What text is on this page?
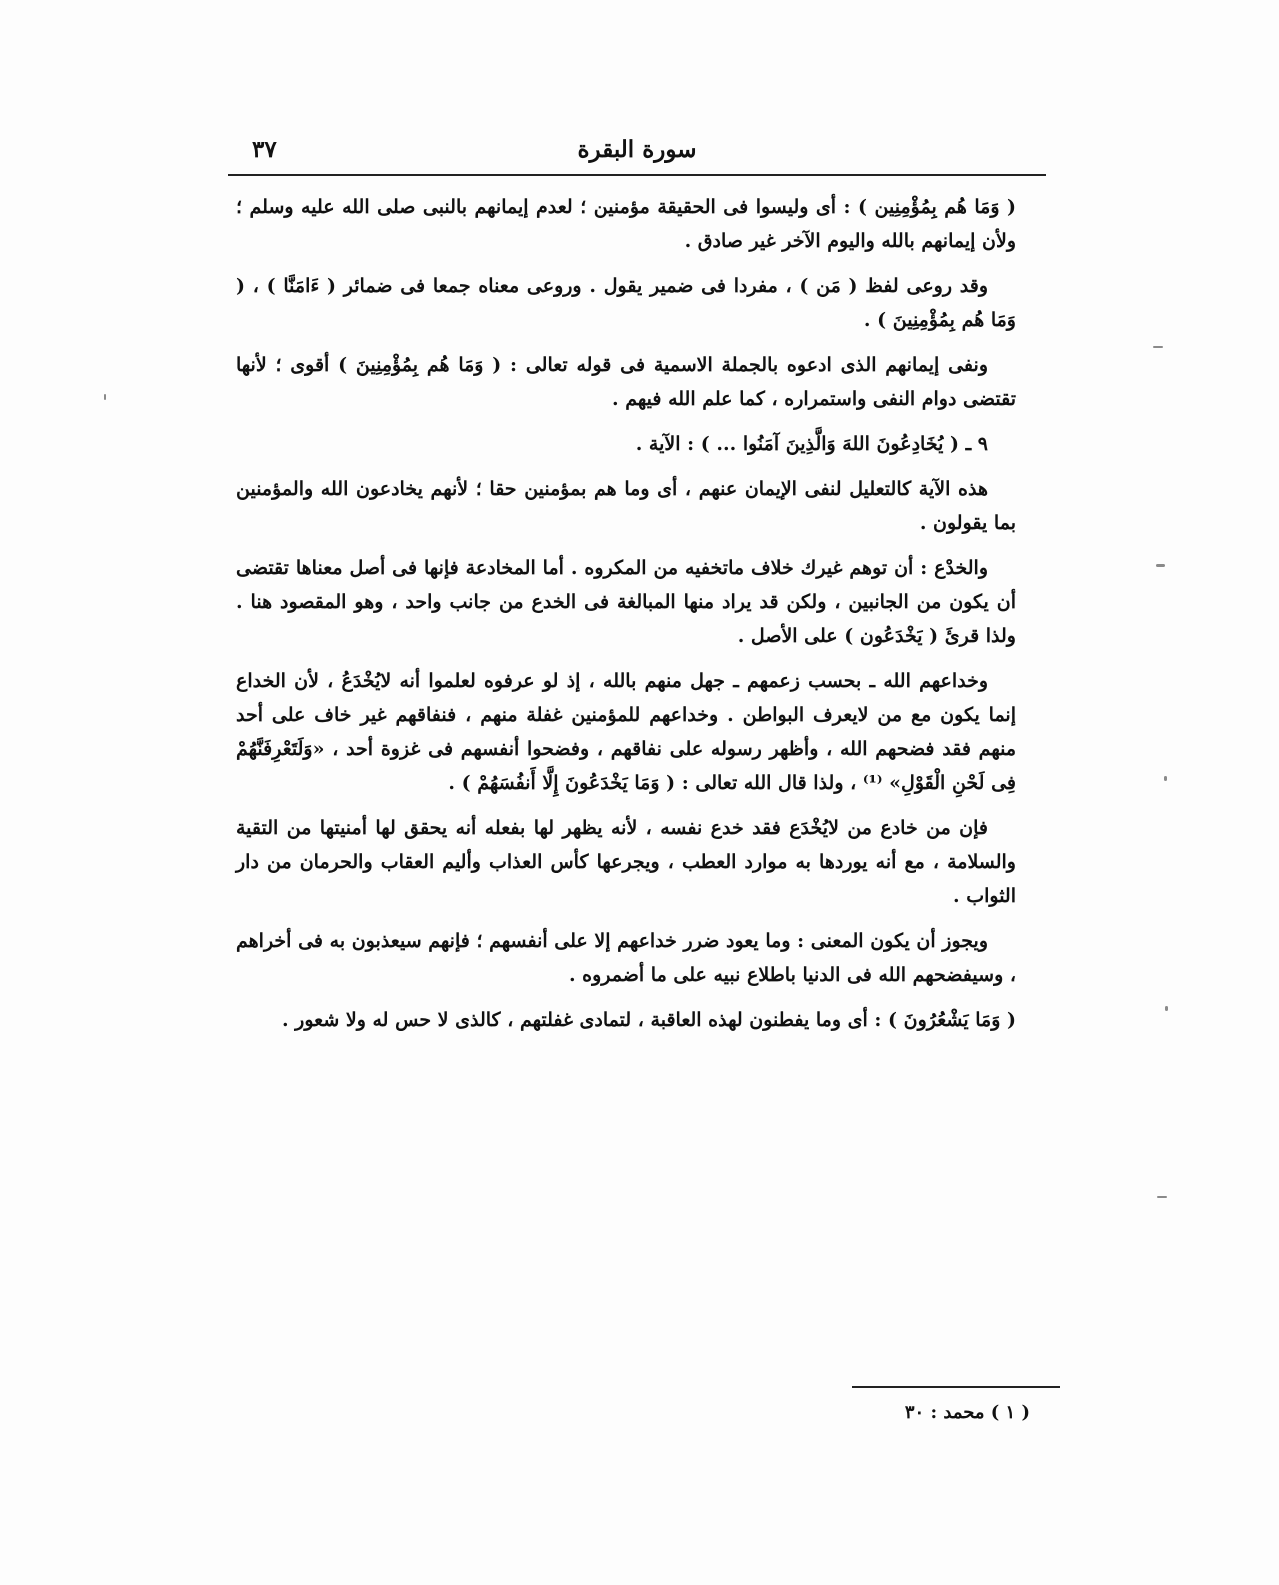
سورة البقرة
٣٧

( وَمَا هُم بِمُؤْمِنِين ) : أى وليسوا فى الحقيقة مؤمنين ؛ لعدم إيمانهم بالنبى صلى الله عليه وسلم ؛ ولأن إيمانهم بالله واليوم الآخر غير صادق .

وقد روعى لفظ ( مَن ) ، مفردا فى ضمير يقول . وروعى معناه جمعا فى ضمائر ( ءَامَنَّا ) ، ( وَمَا هُم بِمُؤْمِنِينَ ) .

ونفى إيمانهم الذى ادعوه بالجملة الاسمية فى قوله تعالى : ( وَمَا هُم بِمُؤْمِنِينَ ) أقوى ؛ لأنها تقتضى دوام النفى واستمراره ، كما علم الله فيهم .

٩ ـ ( يُخَادِعُونَ اللهَ وَالَّذِينَ آمَنُوا ... ) : الآية .

هذه الآية كالتعليل لنفى الإيمان عنهم ، أى وما هم بمؤمنين حقا ؛ لأنهم يخادعون الله والمؤمنين بما يقولون .

والخدْع : أن توهم غيرك خلاف ماتخفيه من المكروه . أما المخادعة فإنها فى أصل معناها تقتضى أن يكون من الجانبين ، ولكن قد يراد منها المبالغة فى الخدع من جانب واحد ، وهو المقصود هنا . ولذا قرئَ ( يَخْدَعُون ) على الأصل .

وخداعهم الله ـ بحسب زعمهم ـ جهل منهم بالله ، إذ لو عرفوه لعلموا أنه لايُخْدَعُ ، لأن الخداع إنما يكون مع من لايعرف البواطن . وخداعهم للمؤمنين غفلة منهم ، فنفاقهم غير خاف على أحد منهم فقد فضحهم الله ، وأظهر رسوله على نفاقهم ، وفضحوا أنفسهم فى غزوة أحد ، «وَلَتَعْرِفَنَّهُمْ فِى لَحْنِ الْقَوْلِ» ⁽¹⁾ ، ولذا قال الله تعالى : ( وَمَا يَخْدَعُونَ إِلَّا أَنفُسَهُمْ ) .

فإن من خادع من لايُخْدَع فقد خدع نفسه ، لأنه يظهر لها بفعله أنه يحقق لها أمنيتها من التقية والسلامة ، مع أنه يوردها به موارد العطب ، ويجرعها كأس العذاب وأليم العقاب والحرمان من دار الثواب .

ويجوز أن يكون المعنى : وما يعود ضرر خداعهم إلا على أنفسهم ؛ فإنهم سيعذبون به فى أخراهم ، وسيفضحهم الله فى الدنيا باطلاع نبيه على ما أضمروه .

( وَمَا يَشْعُرُونَ ) : أى وما يفطنون لهذه العاقبة ، لتمادى غفلتهم ، كالذى لا حس له ولا شعور .

( ١ ) محمد : ٣٠
